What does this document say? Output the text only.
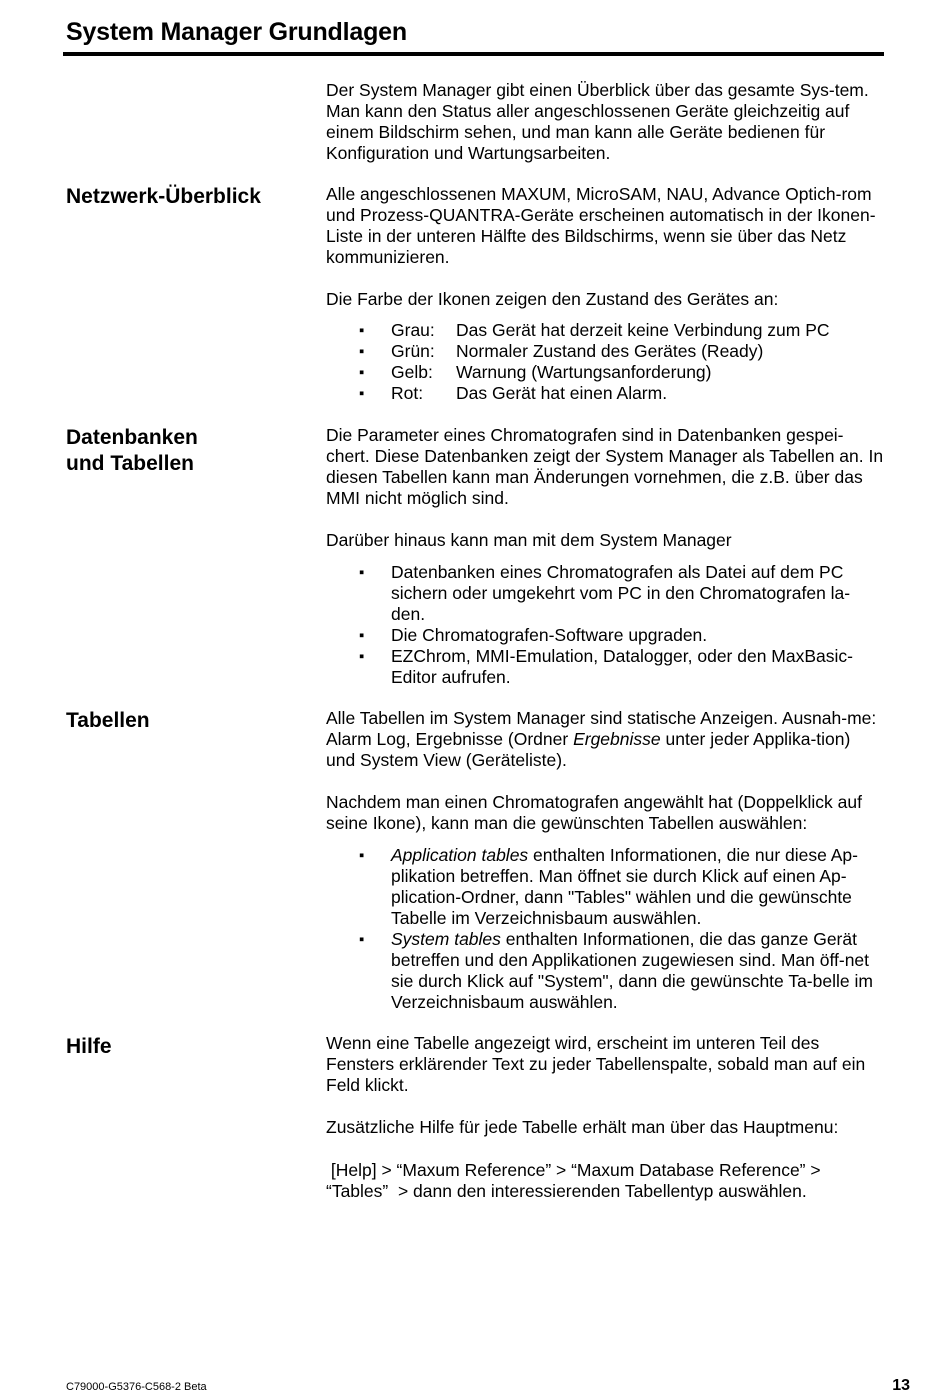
System Manager Grundlagen

Der System Manager gibt einen Überblick über das gesamte Sys-tem. Man kann den Status aller angeschlossenen Geräte gleichzeitig auf einem Bildschirm sehen, und man kann alle Geräte bedienen für Konfiguration und Wartungsarbeiten.

Netzwerk-Überblick	Alle angeschlossenen MAXUM, MicroSAM, NAU, Advance Optich-rom und Prozess-QUANTRA-Geräte erscheinen automatisch in der Ikonen-Liste in der unteren Hälfte des Bildschirms, wenn sie über das Netz kommunizieren.

Die Farbe der Ikonen zeigen den Zustand des Gerätes an:

▪ Grau: Das Gerät hat derzeit keine Verbindung zum PC
▪ Grün: Normaler Zustand des Gerätes (Ready)
▪ Gelb: Warnung (Wartungsanforderung)
▪ Rot: Das Gerät hat einen Alarm.
Datenbanken
und Tabellen

Die Parameter eines Chromatografen sind in Datenbanken gespei-chert. Diese Datenbanken zeigt der System Manager als Tabellen an. In diesen Tabellen kann man Änderungen vornehmen, die z.B. über das MMI nicht möglich sind.

Darüber hinaus kann man mit dem System Manager

▪ Datenbanken eines Chromatografen als Datei auf dem PC sichern oder umgekehrt vom PC in den Chromatografen la-den.
▪ Die Chromatografen-Software upgraden.
▪ EZChrom, MMI-Emulation, Datalogger, oder den MaxBasic-Editor aufrufen.
Tabellen	Alle Tabellen im System Manager sind statische Anzeigen. Ausnah-me: Alarm Log, Ergebnisse (Ordner Ergebnisse unter jeder Applika-tion) und System View (Geräteliste).

Nachdem man einen Chromatografen angewählt hat (Doppelklick auf seine Ikone), kann man die gewünschten Tabellen auswählen:

▪ Application tables enthalten Informationen, die nur diese Ap-plikation betreffen. Man öffnet sie durch Klick auf einen Ap-plication-Ordner, dann "Tables" wählen und die gewünschte Tabelle im Verzeichnisbaum auswählen.
▪ System tables enthalten Informationen, die das ganze Gerät betreffen und den Applikationen zugewiesen sind. Man öff-net sie durch Klick auf "System", dann die gewünschte Ta-belle im Verzeichnisbaum auswählen.
Hilfe	Wenn eine Tabelle angezeigt wird, erscheint im unteren Teil des Fensters erklärender Text zu jeder Tabellenspalte, sobald man auf ein Feld klickt.

Zusätzliche Hilfe für jede Tabelle erhält man über das Hauptmenu:

[Help] > “Maxum Reference” > “Maxum Database Reference” > “Tables”  > dann den interessierenden Tabellentyp auswählen.

C79000-G5376-C568-2 Beta	13
